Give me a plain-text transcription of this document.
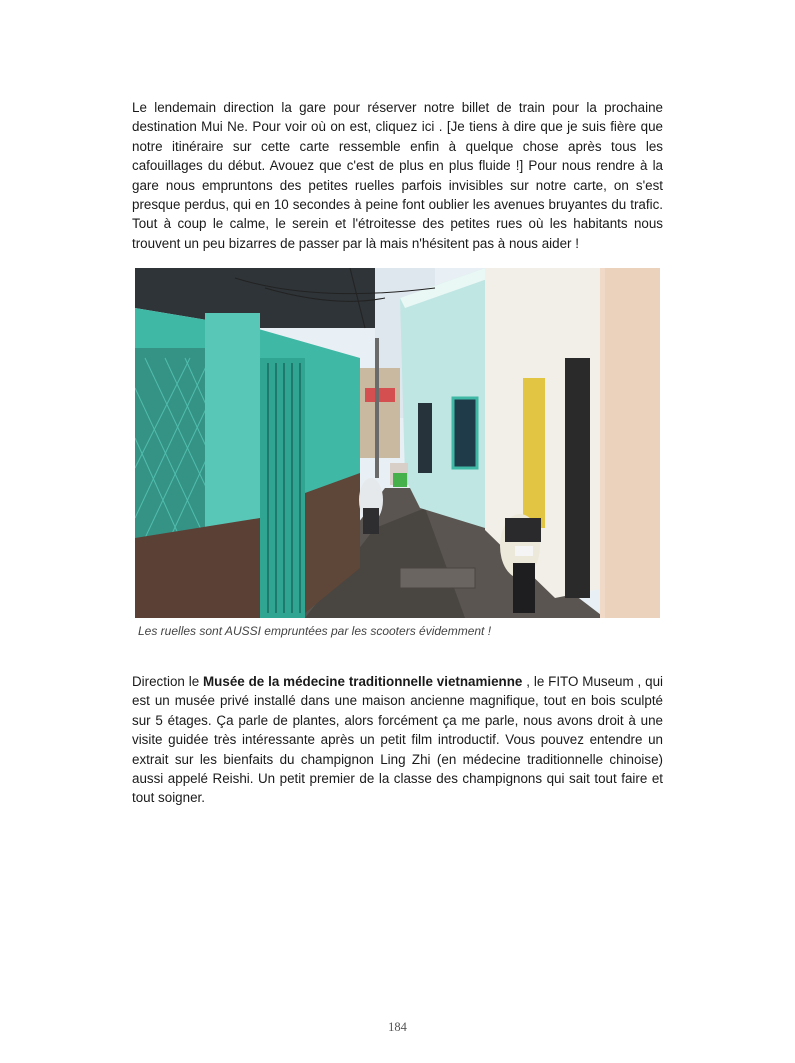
Le lendemain direction la gare pour réserver notre billet de train pour la prochaine destination Mui Ne. Pour voir où on est, cliquez ici . [Je tiens à dire que je suis fière que notre itinéraire sur cette carte ressemble enfin à quelque chose après tous les cafouillages du début. Avouez que c'est de plus en plus fluide !] Pour nous rendre à la gare nous empruntons des petites ruelles parfois invisibles sur notre carte, on s'est presque perdus, qui en 10 secondes à peine font oublier les avenues bruyantes du trafic. Tout à coup le calme, le serein et l'étroitesse des petites rues où les habitants nous trouvent un peu bizarres de passer par là mais n'hésitent pas à nous aider !

Les ruelles sont AUSSI empruntées par les scooters évidemment !

Direction le Musée de la médecine traditionnelle vietnamienne , le FITO Museum , qui est un musée privé installé dans une maison ancienne magnifique, tout en bois sculpté sur 5 étages. Ça parle de plantes, alors forcément ça me parle, nous avons droit à une visite guidée très intéressante après un petit film introductif. Vous pouvez entendre un extrait sur les bienfaits du champignon Ling Zhi (en médecine traditionnelle chinoise) aussi appelé Reishi. Un petit premier de la classe des champignons qui sait tout faire et tout soigner.

184
